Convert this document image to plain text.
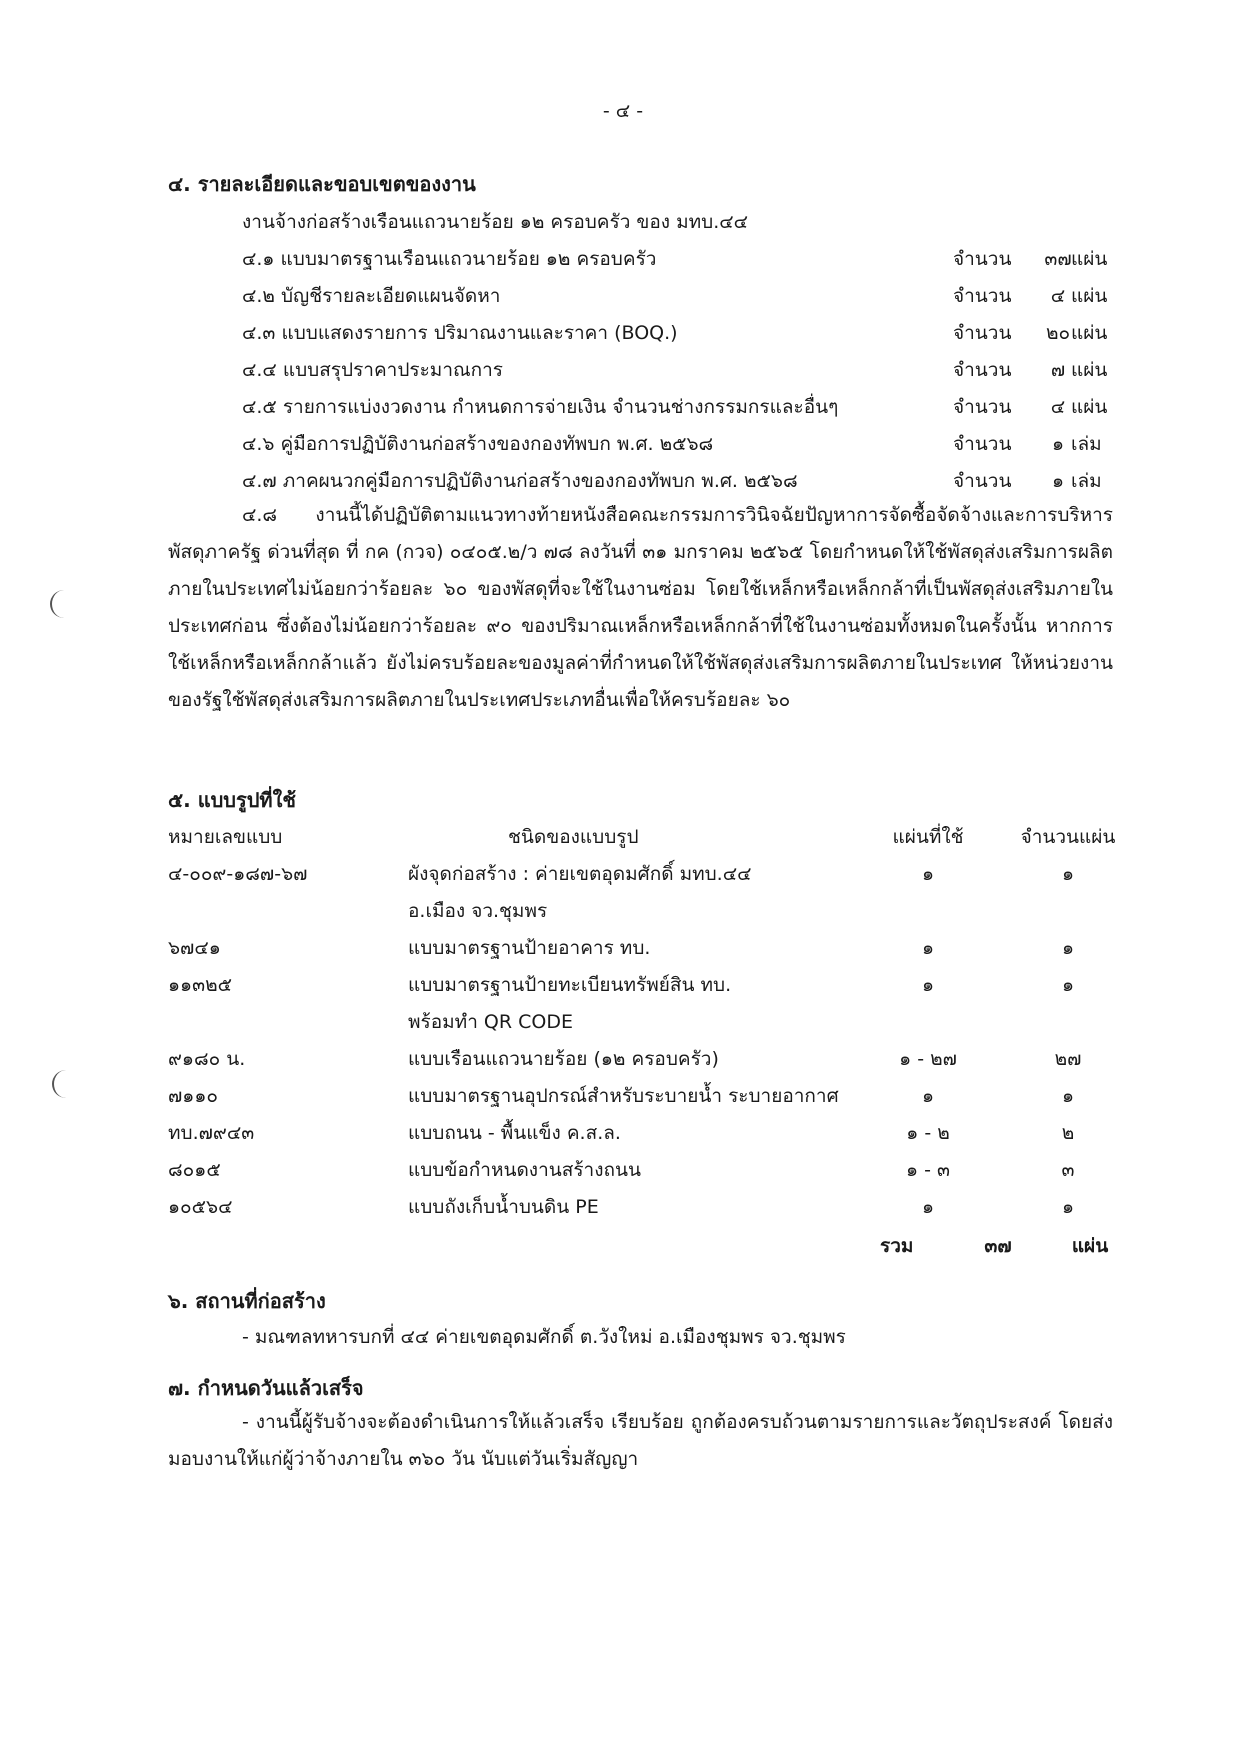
- ๔ -
๔. รายละเอียดและขอบเขตของงาน
งานจ้างก่อสร้างเรือนแถวนายร้อย ๑๒ ครอบครัว ของ มทบ.๔๔
๔.๑ แบบมาตรฐานเรือนแถวนายร้อย ๑๒ ครอบครัว	จำนวน	๓๗ แผ่น
๔.๒ บัญชีรายละเอียดแผนจัดหา	จำนวน	๔ แผ่น
๔.๓ แบบแสดงรายการ ปริมาณงานและราคา (BOQ.)	จำนวน	๒๐ แผ่น
๔.๔ แบบสรุปราคาประมาณการ	จำนวน	๗ แผ่น
๔.๕ รายการแบ่งงวดงาน กำหนดการจ่ายเงิน จำนวนช่างกรรมกรและอื่นๆ	จำนวน	๔ แผ่น
๔.๖ คู่มือการปฏิบัติงานก่อสร้างของกองทัพบก พ.ศ. ๒๕๖๘	จำนวน	๑ เล่ม
๔.๗ ภาคผนวกคู่มือการปฏิบัติงานก่อสร้างของกองทัพบก พ.ศ. ๒๕๖๘	จำนวน	๑ เล่ม
๔.๘ งานนี้ได้ปฏิบัติตามแนวทางท้ายหนังสือคณะกรรมการวินิจฉัยปัญหาการจัดซื้อจัดจ้างและการบริหารพัสดุภาครัฐ ด่วนที่สุด ที่ กค (กวจ) ๐๔๐๕.๒/ว ๗๘ ลงวันที่ ๓๑ มกราคม ๒๕๖๕ โดยกำหนดให้ใช้พัสดุส่งเสริมการผลิตภายในประเทศไม่น้อยกว่าร้อยละ ๖๐ ของพัสดุที่จะใช้ในงานซ่อม โดยใช้เหล็กหรือเหล็กกล้าที่เป็นพัสดุส่งเสริมภายในประเทศก่อน ซึ่งต้องไม่น้อยกว่าร้อยละ ๙๐ ของปริมาณเหล็กหรือเหล็กกล้าที่ใช้ในงานซ่อมทั้งหมดในครั้งนั้น หากการใช้เหล็กหรือเหล็กกล้าแล้ว ยังไม่ครบร้อยละของมูลค่าที่กำหนดให้ใช้พัสดุส่งเสริมการผลิตภายในประเทศ ให้หน่วยงานของรัฐใช้พัสดุส่งเสริมการผลิตภายในประเทศประเภทอื่นเพื่อให้ครบร้อยละ ๖๐
๕. แบบรูปที่ใช้
หมายเลขแบบ	ชนิดของแบบรูป	แผ่นที่ใช้	จำนวนแผ่น
๔-๐๐๙-๑๘๗-๖๗	ผังจุดก่อสร้าง : ค่ายเขตอุดมศักดิ์ มทบ.๔๔	๑	๑
อ.เมือง จว.ชุมพร
๖๗๔๑	แบบมาตรฐานป้ายอาคาร ทบ.	๑	๑
๑๑๓๒๕	แบบมาตรฐานป้ายทะเบียนทรัพย์สิน ทบ.	๑	๑
พร้อมทำ QR CODE
๙๑๘๐ น.	แบบเรือนแถวนายร้อย (๑๒ ครอบครัว)	๑ - ๒๗	๒๗
๗๑๑๐	แบบมาตรฐานอุปกรณ์สำหรับระบายน้ำ ระบายอากาศ	๑	๑
ทบ.๗๙๔๓	แบบถนน - พื้นแข็ง ค.ส.ล.	๑ - ๒	๒
๘๐๑๕	แบบข้อกำหนดงานสร้างถนน	๑ - ๓	๓
๑๐๕๖๔	แบบถังเก็บน้ำบนดิน PE	๑	๑
รวม	๓๗	แผ่น
๖. สถานที่ก่อสร้าง
- มณฑลทหารบกที่ ๔๔ ค่ายเขตอุดมศักดิ์ ต.วังใหม่ อ.เมืองชุมพร จว.ชุมพร
๗. กำหนดวันแล้วเสร็จ
- งานนี้ผู้รับจ้างจะต้องดำเนินการให้แล้วเสร็จ เรียบร้อย ถูกต้องครบถ้วนตามรายการและวัตถุประสงค์ โดยส่งมอบงานให้แก่ผู้ว่าจ้างภายใน ๓๖๐ วัน นับแต่วันเริ่มสัญญา
